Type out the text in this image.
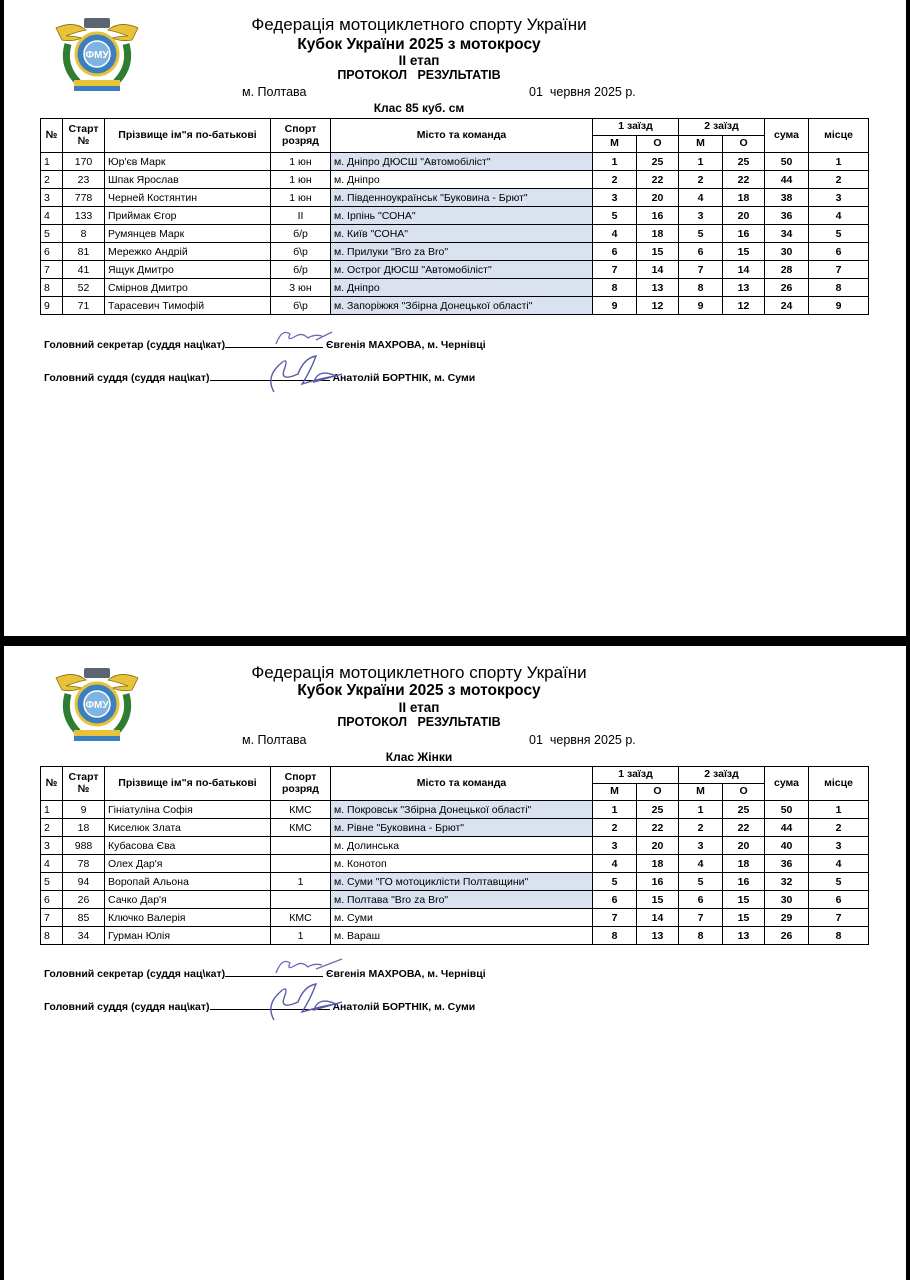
ФМУ
Федерація мотоциклетного спорту України
Кубок України 2025 з мотокросу
ІІ етап
ПРОТОКОЛ   РЕЗУЛЬТАТІВ
м. Полтава	01  червня 2025 р.
Клас 85 куб. см
№	Старт №	Прізвище ім"я по-батькові	Спорт розряд	Місто та команда	1 заїзд		2 заїзд		сума	місце
					М	О	М	О		
1	170	Юр'єв Марк	1 юн	м. Дніпро ДЮСШ "Автомобіліст"	1	25	1	25	50	1
2	23	Шпак Ярослав	1 юн	м. Дніпро	2	22	2	22	44	2
3	778	Черней Костянтин	1 юн	м. Південноукраїнськ "Буковина - Брют"	3	20	4	18	38	3
4	133	Приймак Єгор	ІІ	м. Ірпінь "СОНА"	5	16	3	20	36	4
5	8	Румянцев Марк	б/р	м. Київ "СОНА"	4	18	5	16	34	5
6	81	Мережко Андрій	б\р	м. Прилуки "Bro za Bro"	6	15	6	15	30	6
7	41	Ящук Дмитро	б/р	м. Острог ДЮСШ "Автомобіліст"	7	14	7	14	28	7
8	52	Смірнов Дмитро	3 юн	м. Дніпро	8	13	8	13	26	8
9	71	Тарасевич Тимофій	б\р	м. Запоріжжя "Збірна Донецької області"	9	12	9	12	24	9
Головний секретар (суддя нац\кат)	Євгенія МАХРОВА, м. Чернівці
Головний суддя (суддя нац\кат)	Анатолій БОРТНІК, м. Суми
ФМУ
Федерація мотоциклетного спорту України
Кубок України 2025 з мотокросу
ІІ етап
ПРОТОКОЛ   РЕЗУЛЬТАТІВ
м. Полтава	01  червня 2025 р.
Клас Жінки
№	Старт №	Прізвище ім"я по-батькові	Спорт розряд	Місто та команда	1 заїзд		2 заїзд		сума	місце
					М	О	М	О		
1	9	Гініатуліна Софія	КМС	м. Покровськ "Збірна Донецької області"	1	25	1	25	50	1
2	18	Киселюк Злата	КМС	м. Рівне "Буковина - Брют"	2	22	2	22	44	2
3	988	Кубасова Єва		м. Долинська	3	20	3	20	40	3
4	78	Олех Дар'я		м. Конотоп	4	18	4	18	36	4
5	94	Воропай Альона	1	м. Суми "ГО мотоциклісти Полтавщини"	5	16	5	16	32	5
6	26	Сачко Дар'я		м. Полтава "Bro za Bro"	6	15	6	15	30	6
7	85	Ключко Валерія	КМС	м. Суми	7	14	7	15	29	7
8	34	Гурман Юлія	1	м. Вараш	8	13	8	13	26	8
Головний секретар (суддя нац\кат)	Євгенія МАХРОВА, м. Чернівці
Головний суддя (суддя нац\кат)	Анатолій БОРТНІК, м. Суми
